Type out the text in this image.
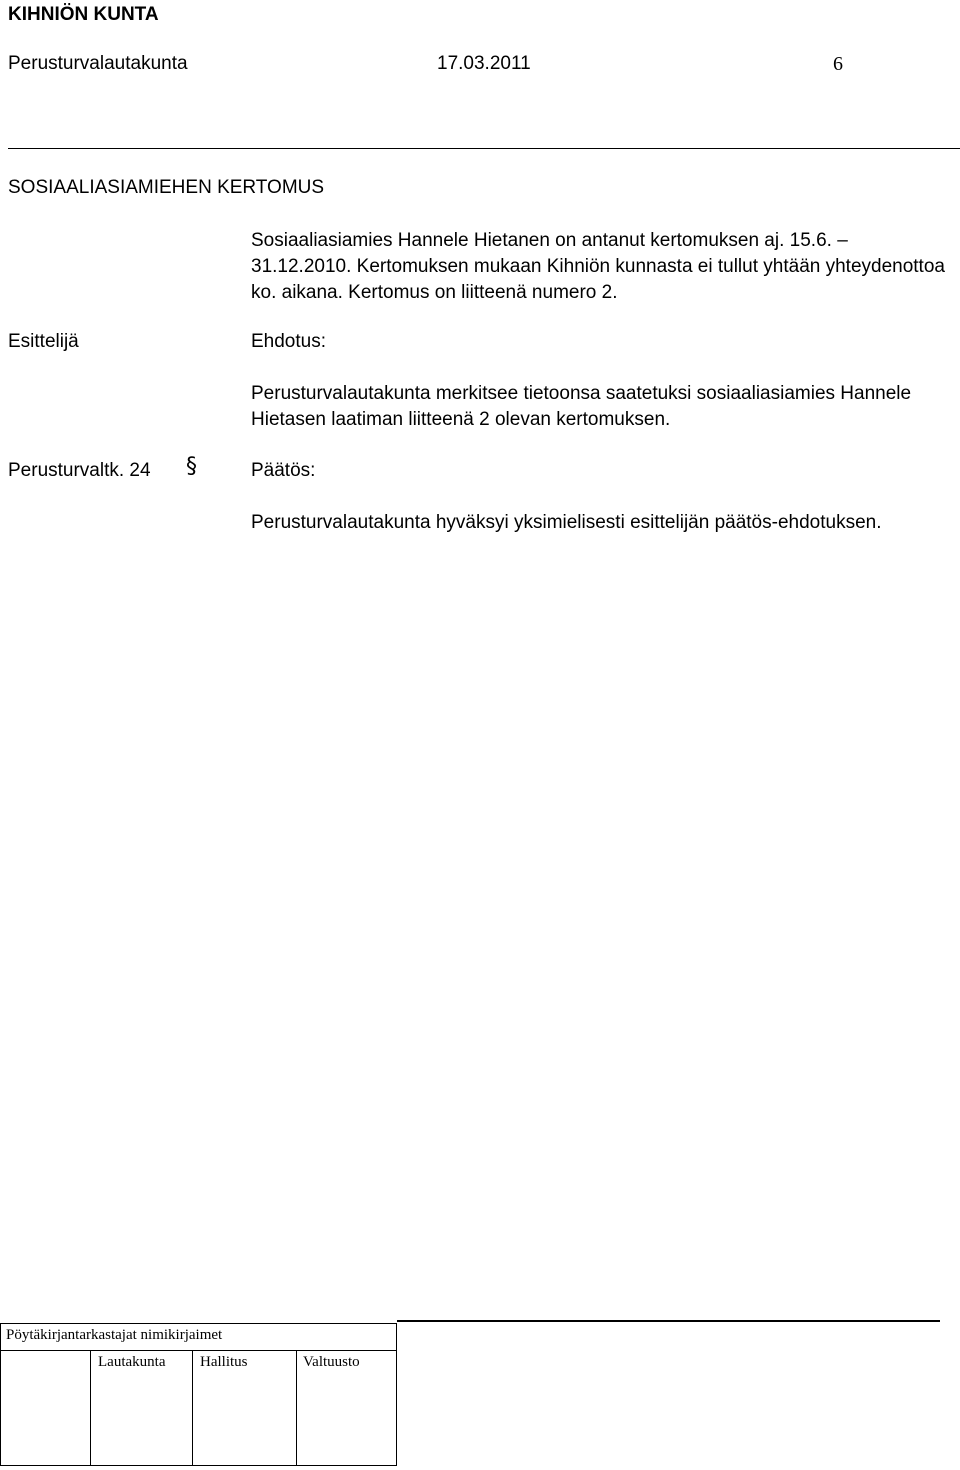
KIHNIÖN KUNTA
Perusturvalautakunta	17.03.2011	6
SOSIAALIASIAMIEHEN KERTOMUS
Sosiaaliasiamies Hannele Hietanen on antanut kertomuksen aj. 15.6. – 31.12.2010. Kertomuksen mukaan Kihniön kunnasta ei tullut yhtään yhteydenottoa ko. aikana. Kertomus on liitteenä numero 2.
Esittelijä	Ehdotus:
Perusturvalautakunta merkitsee tietoonsa saatetuksi sosiaaliasiamies Hannele Hietasen laatiman liitteenä 2 olevan kertomuksen.
Perusturvaltk. 24 §	Päätös:
Perusturvalautakunta hyväksyi yksimielisesti esittelijän päätös-ehdotuksen.
Pöytäkirjantarkastajat nimikirjaimet
Lautakunta Hallitus	Valtuusto
